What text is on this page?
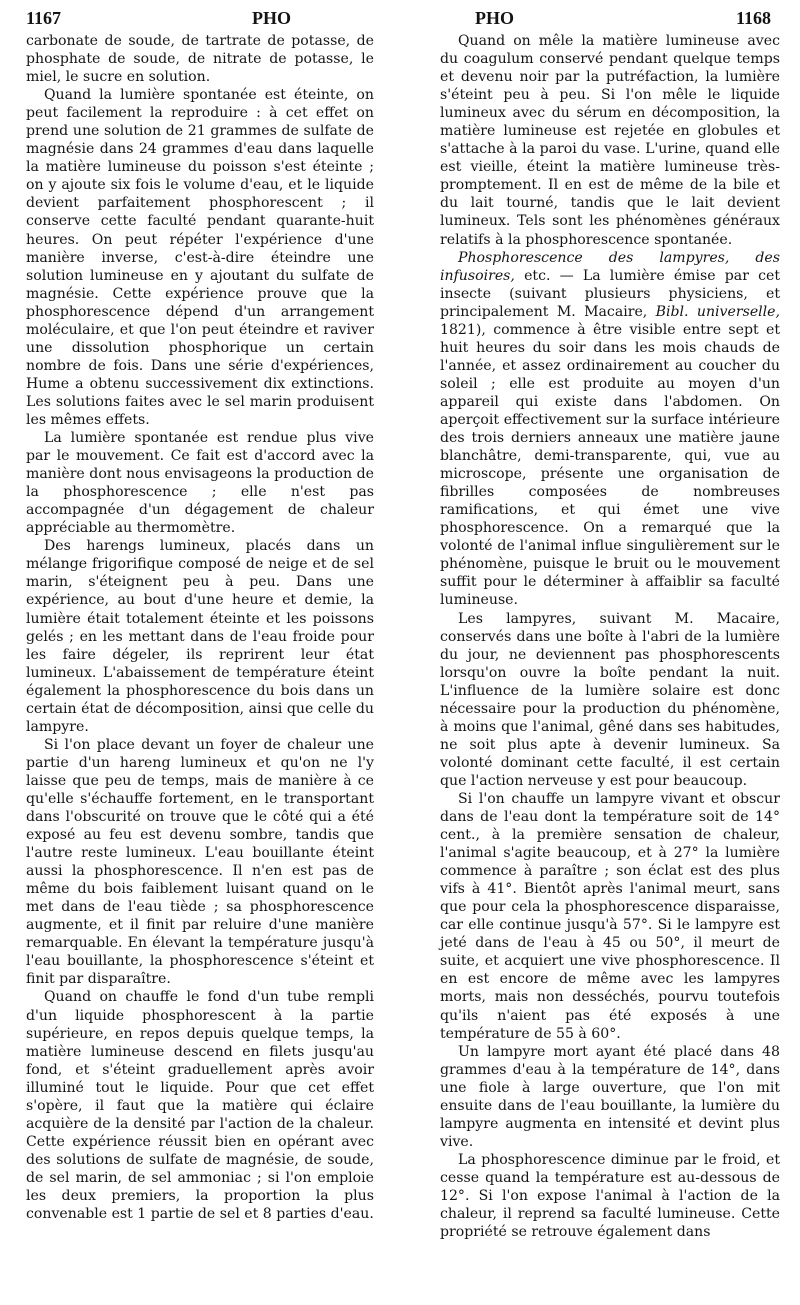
1167	PHO	PHO	1168

carbonate de soude, de tartrate de potasse, de phosphate de soude, de nitrate de potasse, le miel, le sucre en solution.

Quand la lumière spontanée est éteinte, on peut facilement la reproduire : à cet effet on prend une solution de 21 grammes de sulfate de magnésie dans 24 grammes d'eau dans laquelle la matière lumineuse du poisson s'est éteinte ; on y ajoute six fois le volume d'eau, et le liquide devient parfaitement phosphorescent ; il conserve cette faculté pendant quarante-huit heures. On peut répéter l'expérience d'une manière inverse, c'est-à-dire éteindre une solution lumineuse en y ajoutant du sulfate de magnésie. Cette expérience prouve que la phosphorescence dépend d'un arrangement moléculaire, et que l'on peut éteindre et raviver une dissolution phosphorique un certain nombre de fois. Dans une série d'expériences, Hume a obtenu successivement dix extinctions. Les solutions faites avec le sel marin produisent les mêmes effets.

La lumière spontanée est rendue plus vive par le mouvement. Ce fait est d'accord avec la manière dont nous envisageons la production de la phosphorescence ; elle n'est pas accompagnée d'un dégagement de chaleur appréciable au thermomètre.

Des harengs lumineux, placés dans un mélange frigorifique composé de neige et de sel marin, s'éteignent peu à peu. Dans une expérience, au bout d'une heure et demie, la lumière était totalement éteinte et les poissons gelés ; en les mettant dans de l'eau froide pour les faire dégeler, ils reprirent leur état lumineux. L'abaissement de température éteint également la phosphorescence du bois dans un certain état de décomposition, ainsi que celle du lampyre.

Si l'on place devant un foyer de chaleur une partie d'un hareng lumineux et qu'on ne l'y laisse que peu de temps, mais de manière à ce qu'elle s'échauffe fortement, en le transportant dans l'obscurité on trouve que le côté qui a été exposé au feu est devenu sombre, tandis que l'autre reste lumineux. L'eau bouillante éteint aussi la phosphorescence. Il n'en est pas de même du bois faiblement luisant quand on le met dans de l'eau tiède ; sa phosphorescence augmente, et il finit par reluire d'une manière remarquable. En élevant la température jusqu'à l'eau bouillante, la phosphorescence s'éteint et finit par disparaître.

Quand on chauffe le fond d'un tube rempli d'un liquide phosphorescent à la partie supérieure, en repos depuis quelque temps, la matière lumineuse descend en filets jusqu'au fond, et s'éteint graduellement après avoir illuminé tout le liquide. Pour que cet effet s'opère, il faut que la matière qui éclaire acquière de la densité par l'action de la chaleur. Cette expérience réussit bien en opérant avec des solutions de sulfate de magnésie, de soude, de sel marin, de sel ammoniac ; si l'on emploie les deux premiers, la proportion la plus convenable est 1 partie de sel et 8 parties d'eau.

Quand on mêle la matière lumineuse avec du coagulum conservé pendant quelque temps et devenu noir par la putréfaction, la lumière s'éteint peu à peu. Si l'on mêle le liquide lumineux avec du sérum en décomposition, la matière lumineuse est rejetée en globules et s'attache à la paroi du vase. L'urine, quand elle est vieille, éteint la matière lumineuse très-promptement. Il en est de même de la bile et du lait tourné, tandis que le lait devient lumineux. Tels sont les phénomènes généraux relatifs à la phosphorescence spontanée.

Phosphorescence des lampyres, des infusoires, etc. — La lumière émise par cet insecte (suivant plusieurs physiciens, et principalement M. Macaire, Bibl. universelle, 1821), commence à être visible entre sept et huit heures du soir dans les mois chauds de l'année, et assez ordinairement au coucher du soleil ; elle est produite au moyen d'un appareil qui existe dans l'abdomen. On aperçoit effectivement sur la surface intérieure des trois derniers anneaux une matière jaune blanchâtre, demi-transparente, qui, vue au microscope, présente une organisation de fibrilles composées de nombreuses ramifications, et qui émet une vive phosphorescence. On a remarqué que la volonté de l'animal influe singulièrement sur le phénomène, puisque le bruit ou le mouvement suffit pour le déterminer à affaiblir sa faculté lumineuse.

Les lampyres, suivant M. Macaire, conservés dans une boîte à l'abri de la lumière du jour, ne deviennent pas phosphorescents lorsqu'on ouvre la boîte pendant la nuit. L'influence de la lumière solaire est donc nécessaire pour la production du phénomène, à moins que l'animal, gêné dans ses habitudes, ne soit plus apte à devenir lumineux. Sa volonté dominant cette faculté, il est certain que l'action nerveuse y est pour beaucoup.

Si l'on chauffe un lampyre vivant et obscur dans de l'eau dont la température soit de 14° cent., à la première sensation de chaleur, l'animal s'agite beaucoup, et à 27° la lumière commence à paraître ; son éclat est des plus vifs à 41°. Bientôt après l'animal meurt, sans que pour cela la phosphorescence disparaisse, car elle continue jusqu'à 57°. Si le lampyre est jeté dans de l'eau à 45 ou 50°, il meurt de suite, et acquiert une vive phosphorescence. Il en est encore de même avec les lampyres morts, mais non desséchés, pourvu toutefois qu'ils n'aient pas été exposés à une température de 55 à 60°.

Un lampyre mort ayant été placé dans 48 grammes d'eau à la température de 14°, dans une fiole à large ouverture, que l'on mit ensuite dans de l'eau bouillante, la lumière du lampyre augmenta en intensité et devint plus vive.

La phosphorescence diminue par le froid, et cesse quand la température est au-dessous de 12°. Si l'on expose l'animal à l'action de la chaleur, il reprend sa faculté lumineuse. Cette propriété se retrouve également dans
